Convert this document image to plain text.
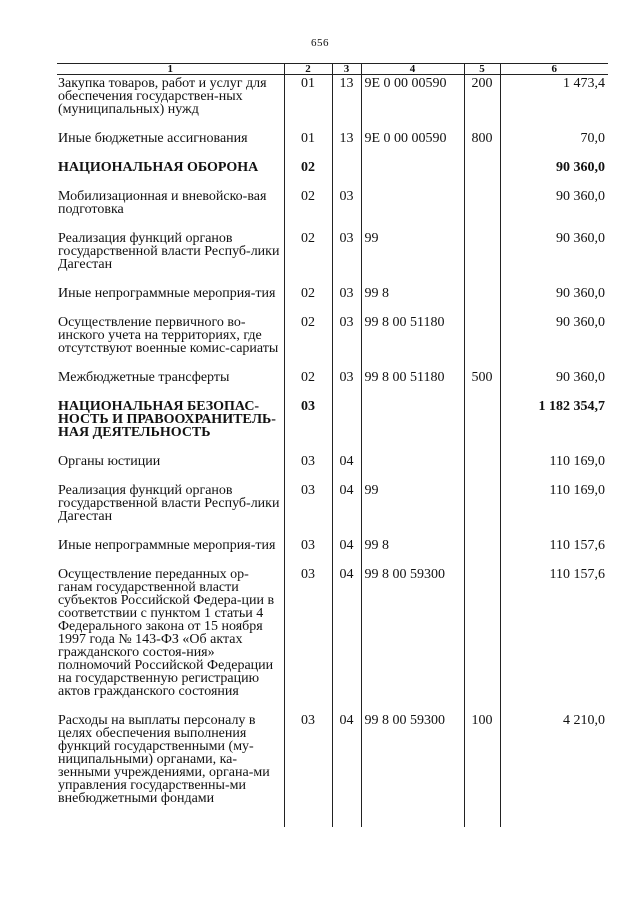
656
1	2	3	4	5	6
Закупка товаров, работ и услуг для обеспечения государствен-ных (муниципальных) нужд	01	13	9Е 0 00 00590	200	1 473,4
Иные бюджетные ассигнования	01	13	9Е 0 00 00590	800	70,0
НАЦИОНАЛЬНАЯ ОБОРОНА	02				90 360,0
Мобилизационная и вневойско-вая подготовка	02	03			90 360,0
Реализация функций органов государственной власти Респуб-лики Дагестан	02	03	99		90 360,0
Иные непрограммные мероприя-тия	02	03	99 8		90 360,0
Осуществление первичного во-инского учета на территориях, где отсутствуют военные комис-сариаты	02	03	99 8 00 51180		90 360,0
Межбюджетные трансферты	02	03	99 8 00 51180	500	90 360,0
НАЦИОНАЛЬНАЯ БЕЗОПАС-НОСТЬ И ПРАВООХРАНИТЕЛЬ-НАЯ ДЕЯТЕЛЬНОСТЬ	03				1 182 354,7
Органы юстиции	03	04			110 169,0
Реализация функций органов государственной власти Респуб-лики Дагестан	03	04	99		110 169,0
Иные непрограммные мероприя-тия	03	04	99 8		110 157,6
Осуществление переданных ор-ганам государственной власти субъектов Российской Федера-ции в соответствии с пунктом 1 статьи 4 Федерального закона от 15 ноября 1997 года № 143-ФЗ «Об актах гражданского состоя-ния» полномочий Российской Федерации на государственную регистрацию актов гражданского состояния	03	04	99 8 00 59300		110 157,6
Расходы на выплаты персоналу в целях обеспечения выполнения функций государственными (му-ниципальными) органами, ка-зенными учреждениями, органа-ми управления государственны-ми внебюджетными фондами	03	04	99 8 00 59300	100	4 210,0
